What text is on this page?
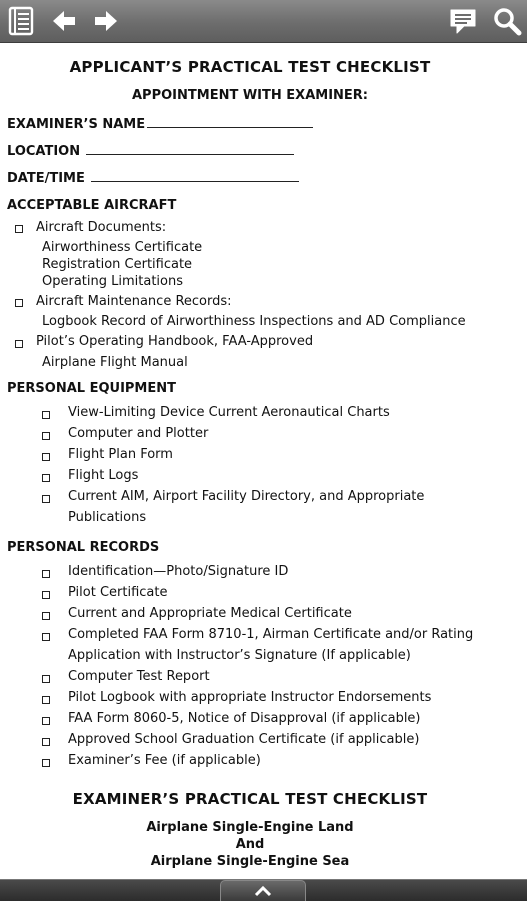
APPLICANT’S PRACTICAL TEST CHECKLIST
APPOINTMENT WITH EXAMINER:
EXAMINER’S NAME
LOCATION
DATE/TIME
ACCEPTABLE AIRCRAFT
Aircraft Documents:
Airworthiness Certificate
Registration Certificate
Operating Limitations
Aircraft Maintenance Records:
Logbook Record of Airworthiness Inspections and AD Compliance
Pilot’s Operating Handbook, FAA-Approved
Airplane Flight Manual
PERSONAL EQUIPMENT
View-Limiting Device Current Aeronautical Charts
Computer and Plotter
Flight Plan Form
Flight Logs
Current AIM, Airport Facility Directory, and Appropriate
Publications
PERSONAL RECORDS
Identification—Photo/Signature ID
Pilot Certificate
Current and Appropriate Medical Certificate
Completed FAA Form 8710-1, Airman Certificate and/or Rating
Application with Instructor’s Signature (If applicable)
Computer Test Report
Pilot Logbook with appropriate Instructor Endorsements
FAA Form 8060-5, Notice of Disapproval (if applicable)
Approved School Graduation Certificate (if applicable)
Examiner’s Fee (if applicable)
EXAMINER’S PRACTICAL TEST CHECKLIST
Airplane Single-Engine Land
And
Airplane Single-Engine Sea
